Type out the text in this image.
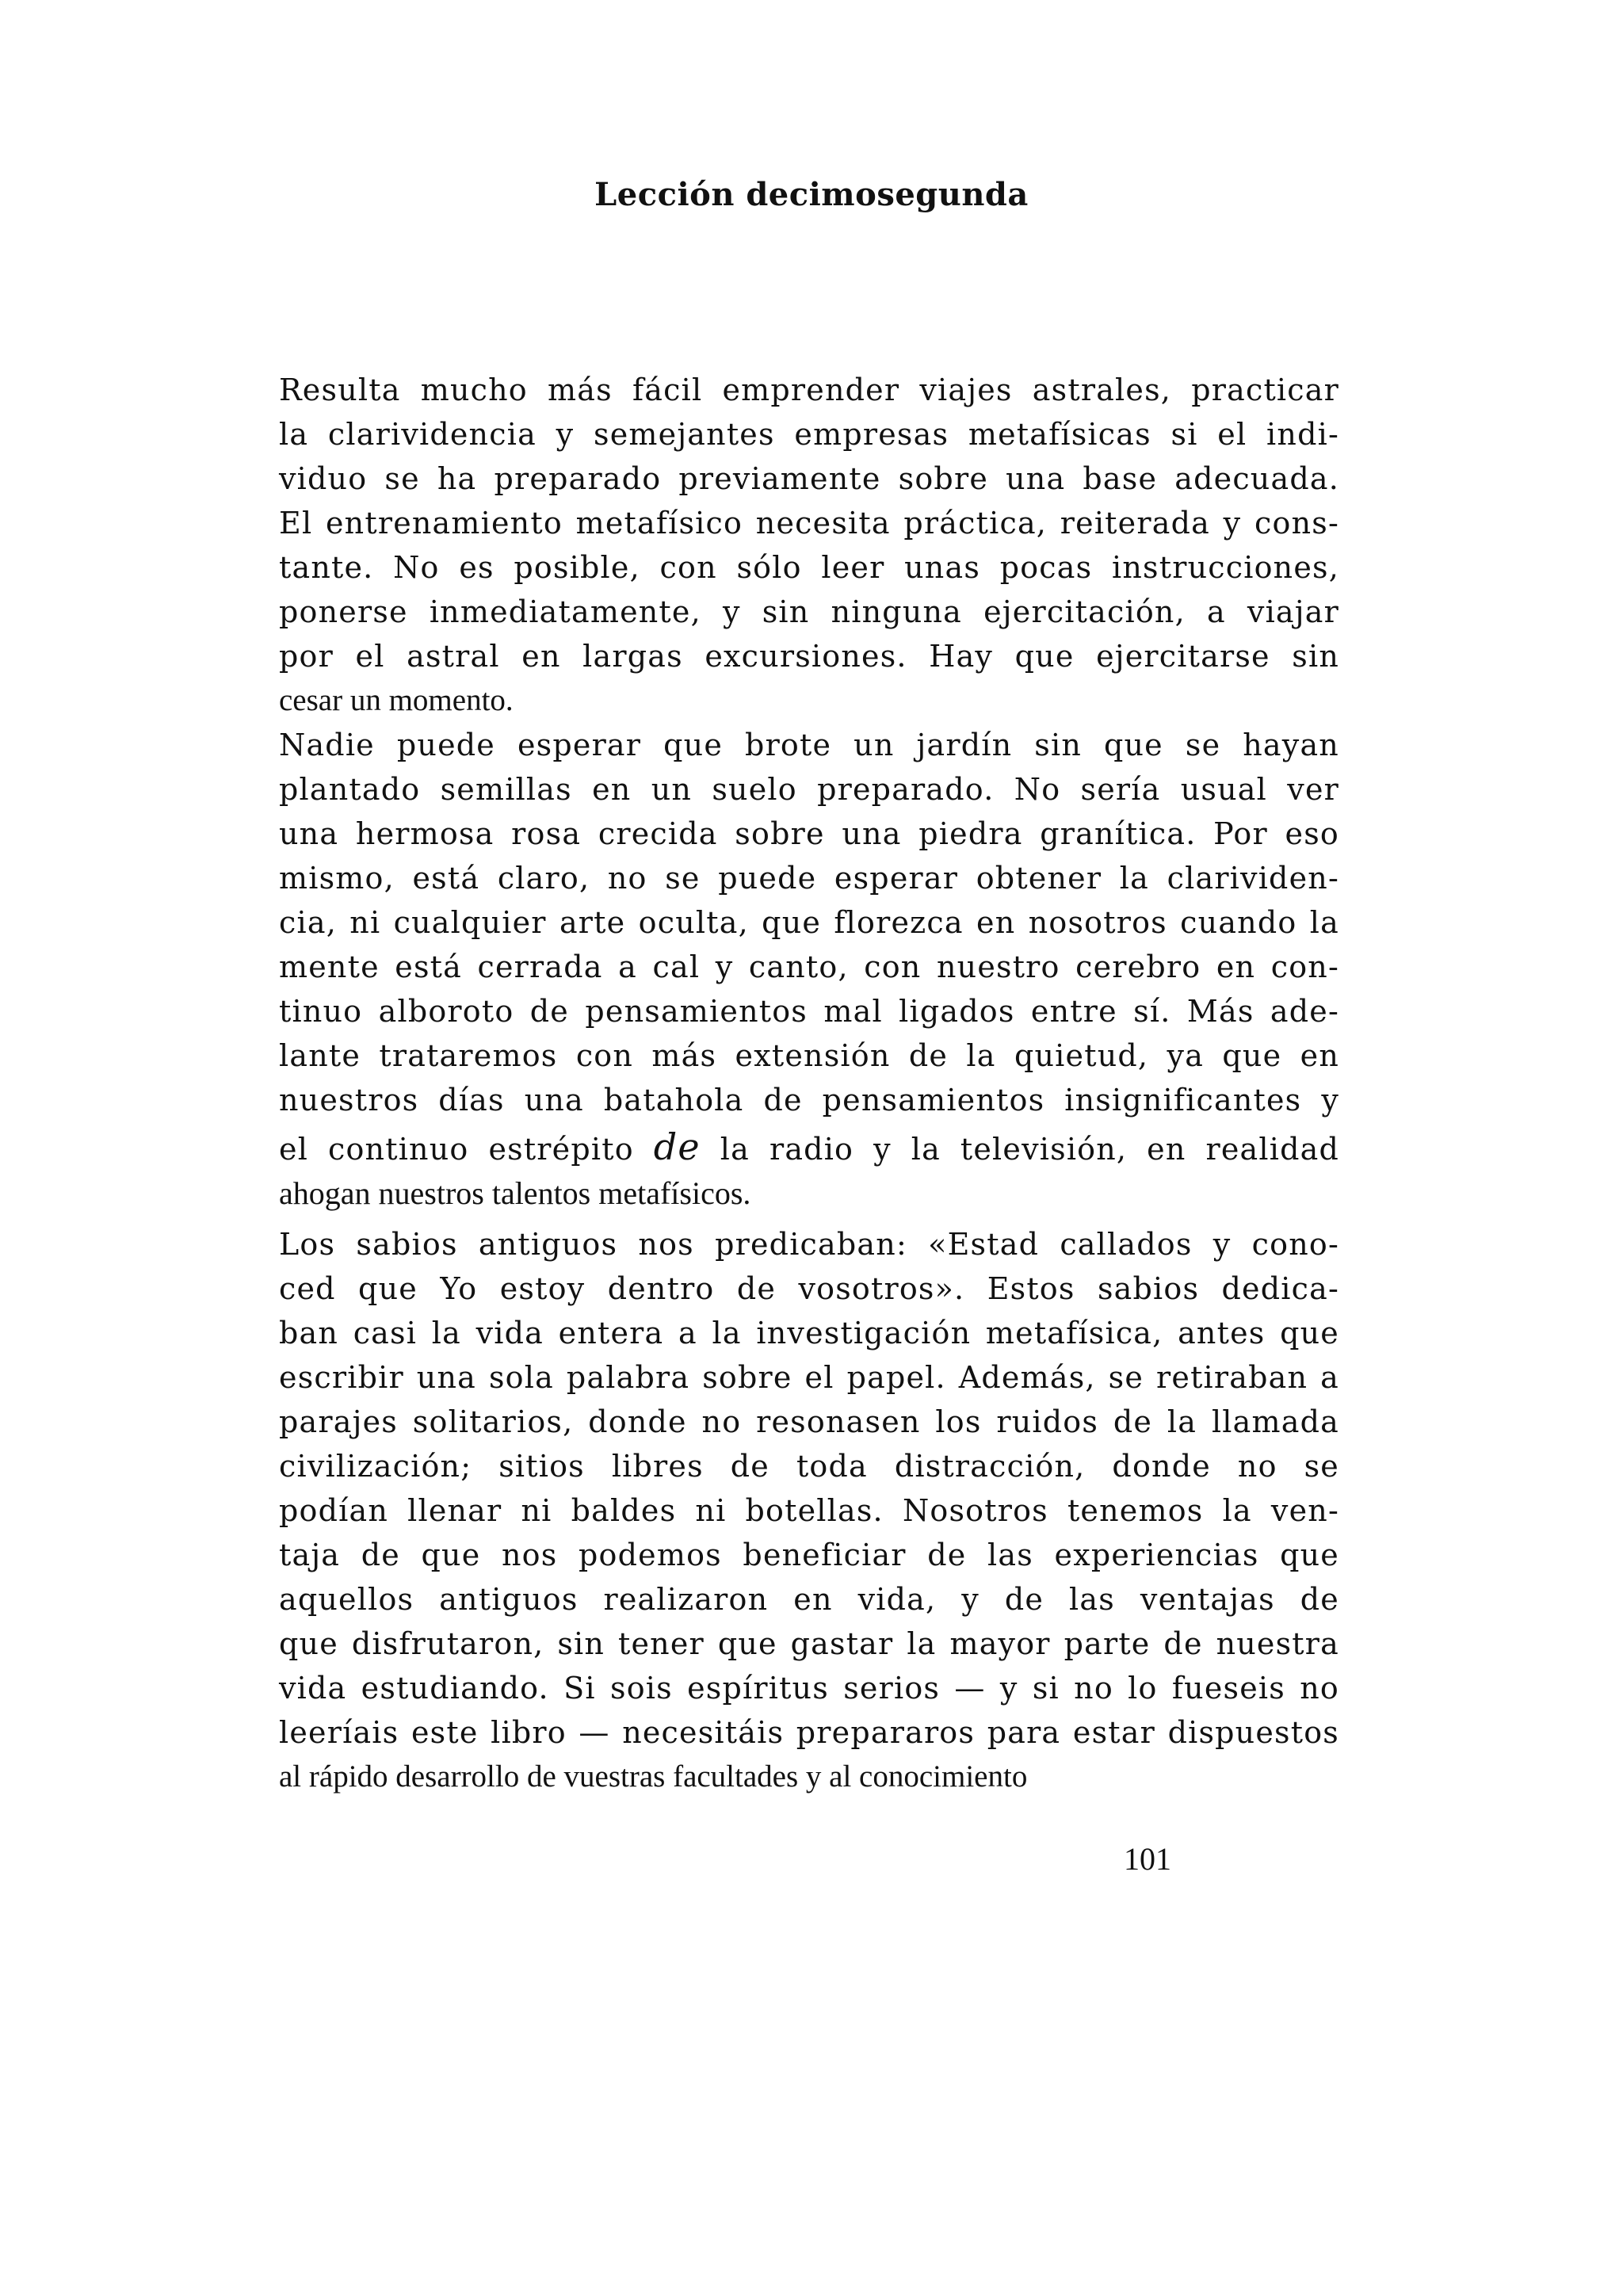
Lección decimosegunda
Resulta mucho más fácil emprender viajes astrales, practicar
la clarividencia y semejantes empresas metafísicas si el indi-
viduo se ha preparado previamente sobre una base adecuada.
El entrenamiento metafísico necesita práctica, reiterada y cons-
tante. No es posible, con sólo leer unas pocas instrucciones,
ponerse inmediatamente, y sin ninguna ejercitación, a viajar
por el astral en largas excursiones. Hay que ejercitarse sin
cesar un momento.
Nadie puede esperar que brote un jardín sin que se hayan
plantado semillas en un suelo preparado. No sería usual ver
una hermosa rosa crecida sobre una piedra granítica. Por eso
mismo, está claro, no se puede esperar obtener la clarividen-
cia, ni cualquier arte oculta, que florezca en nosotros cuando la
mente está cerrada a cal y canto, con nuestro cerebro en con-
tinuo alboroto de pensamientos mal ligados entre sí. Más ade-
lante trataremos con más extensión de la quietud, ya que en
nuestros días una batahola de pensamientos insignificantes y
el continuo estrépito de la radio y la televisión, en realidad
ahogan nuestros talentos metafísicos.
Los sabios antiguos nos predicaban: «Estad callados y cono-
ced que Yo estoy dentro de vosotros». Estos sabios dedica-
ban casi la vida entera a la investigación metafísica, antes que
escribir una sola palabra sobre el papel. Además, se retiraban a
parajes solitarios, donde no resonasen los ruidos de la llamada
civilización; sitios libres de toda distracción, donde no se
podían llenar ni baldes ni botellas. Nosotros tenemos la ven-
taja de que nos podemos beneficiar de las experiencias que
aquellos antiguos realizaron en vida, y de las ventajas de
que disfrutaron, sin tener que gastar la mayor parte de nuestra
vida estudiando. Si sois espíritus serios — y si no lo fueseis no
leeríais este libro — necesitáis prepararos para estar dispuestos
al rápido desarrollo de vuestras facultades y al conocimiento
101
